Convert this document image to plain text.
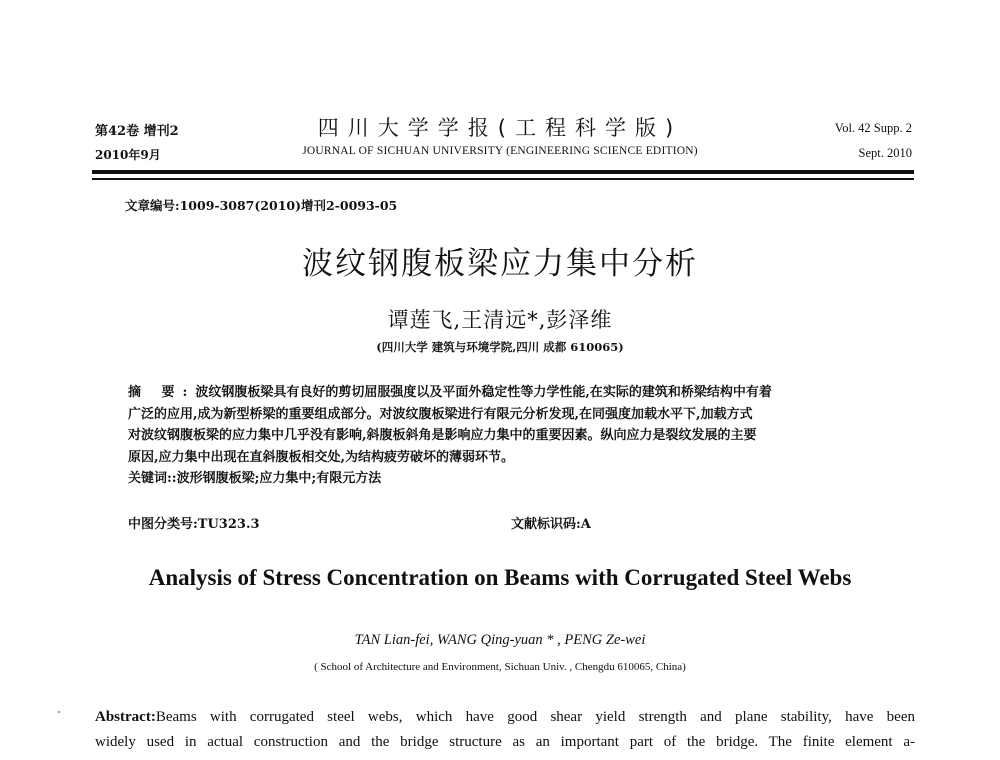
第42卷 增刊2
2010年9月
四川大学学报(工程科学版)
JOURNAL OF SICHUAN UNIVERSITY (ENGINEERING SCIENCE EDITION)
Vol. 42 Supp. 2
Sept. 2010
文章编号:1009-3087(2010)增刊2-0093-05
波纹钢腹板梁应力集中分析
谭莲飞,王清远*,彭泽维
(四川大学 建筑与环境学院,四川 成都 610065)

摘 要:波纹钢腹板梁具有良好的剪切屈服强度以及平面外稳定性等力学性能,在实际的建筑和桥梁结构中有着

广泛的应用,成为新型桥梁的重要组成部分。对波纹腹板梁进行有限元分析发现,在同强度加载水平下,加载方式

对波纹钢腹板梁的应力集中几乎没有影响,斜腹板斜角是影响应力集中的重要因素。纵向应力是裂纹发展的主要

原因,应力集中出现在直斜腹板相交处,为结构疲劳破坏的薄弱环节。

关键词::波形钢腹板梁;应力集中;有限元方法

中图分类号:TU323.3	文献标识码:A
Analysis of Stress Concentration on Beams with Corrugated Steel Webs
TAN Lian-fei, WANG Qing-yuan * , PENG Ze-wei
( School of Architecture and Environment, Sichuan Univ. , Chengdu 610065, China)

Abstract:Beams with corrugated steel webs, which have good shear yield strength and plane stability, have been

widely used in actual construction and the bridge structure as an important part of the bridge. The finite element a-
